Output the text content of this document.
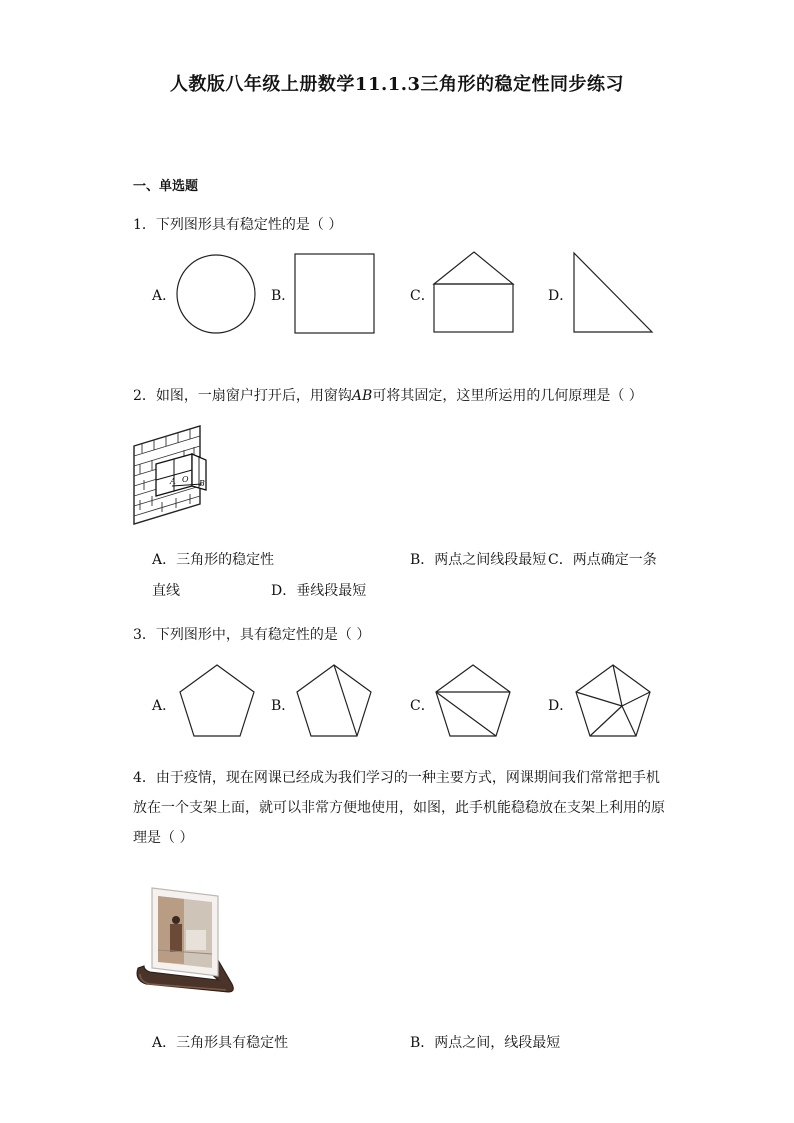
人教版八年级上册数学11.1.3三角形的稳定性同步练习
一、单选题
1．下列图形具有稳定性的是（ ）
A．	B．	C．	D．
2．如图，一扇窗户打开后，用窗钩AB可将其固定，这里所运用的几何原理是（ ）
A O B
A．三角形的稳定性	B．两点之间线段最短 C．两点确定一条
直线	D．垂线段最短
3．下列图形中，具有稳定性的是（ ）
A．	B．	C．	D．
4．由于疫情，现在网课已经成为我们学习的一种主要方式，网课期间我们常常把手机
放在一个支架上面，就可以非常方便地使用，如图，此手机能稳稳放在支架上利用的原
理是（ ）
A．三角形具有稳定性	B．两点之间，线段最短
